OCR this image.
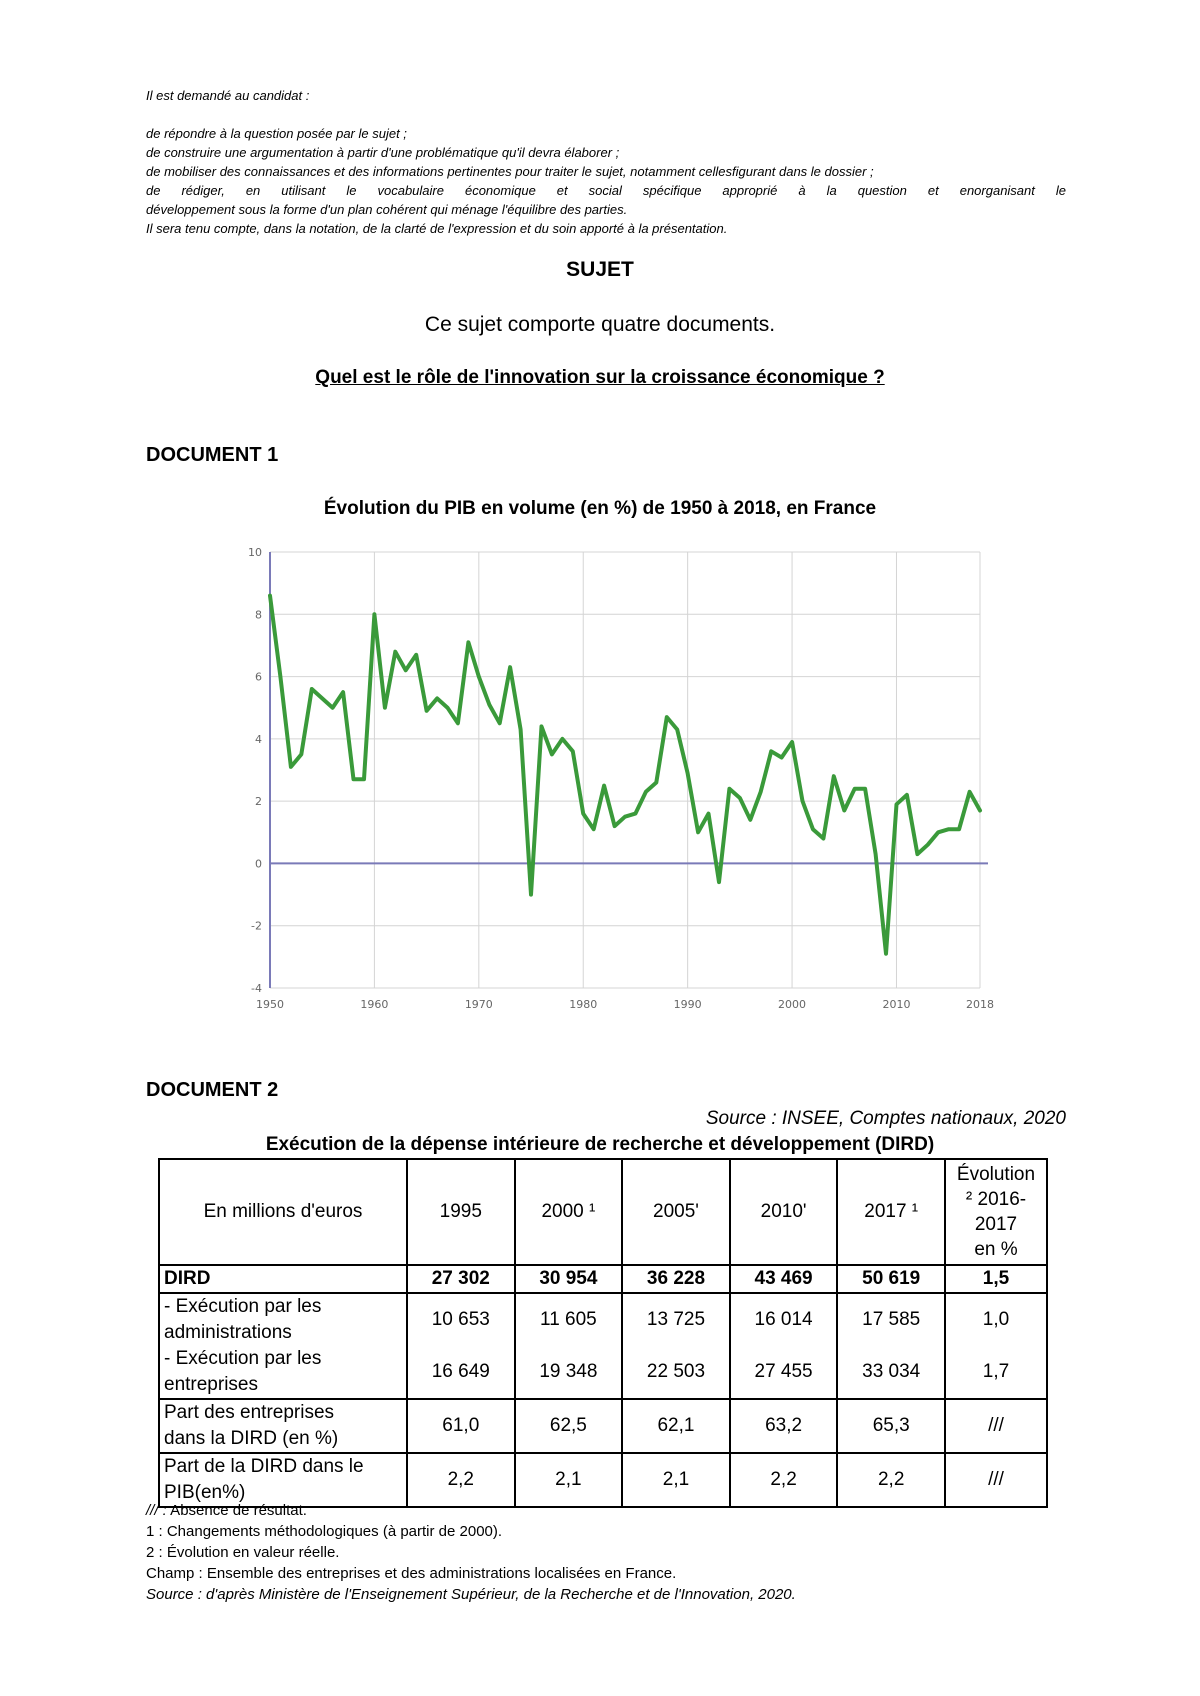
Il est demandé au candidat :

de répondre à la question posée par le sujet ;

de construire une argumentation à partir d'une problématique qu'il devra élaborer ;

de mobiliser des connaissances et des informations pertinentes pour traiter le sujet, notamment cellesfigurant dans le dossier ;

de rédiger, en utilisant le vocabulaire économique et social spécifique approprié à la question et enorganisant le

développement sous la forme d'un plan cohérent qui ménage l'équilibre des parties.

Il sera tenu compte, dans la notation, de la clarté de l'expression et du soin apporté à la présentation.

SUJET
Ce sujet comporte quatre documents.
Quel est le rôle de l'innovation sur la croissance économique ?
DOCUMENT 1
Évolution du PIB en volume (en %) de 1950 à 2018, en France
10
8
6
4
2
0
-2
-4
1950	1960	1970	1980	1990	2000	2010	2018
DOCUMENT 2
Source : INSEE, Comptes nationaux, 2020
Exécution de la dépense intérieure de recherche et développement (DIRD)
En millions d'euros	1995	2000 ¹	2005'	2010'	2017 ¹	Évolution
² 2016-
2017
en %

DIRD	27 302	30 954	36 228	43 469	50 619	1,5

- Exécution par les
administrations	10 653	11 605	13 725	16 014	17 585	1,0

- Exécution par les
entreprises	16 649	19 348	22 503	27 455	33 034	1,7

Part des entreprises
dans la DIRD (en %)	61,0	62,5	62,1	63,2	65,3	///

Part de la DIRD dans le
PIB(en%)	2,2	2,1	2,1	2,2	2,2	///

/// : Absence de résultat.

1 : Changements méthodologiques (à partir de 2000).

2 : Évolution en valeur réelle.

Champ : Ensemble des entreprises et des administrations localisées en France.

Source : d'après Ministère de l'Enseignement Supérieur, de la Recherche et de l'Innovation, 2020.
